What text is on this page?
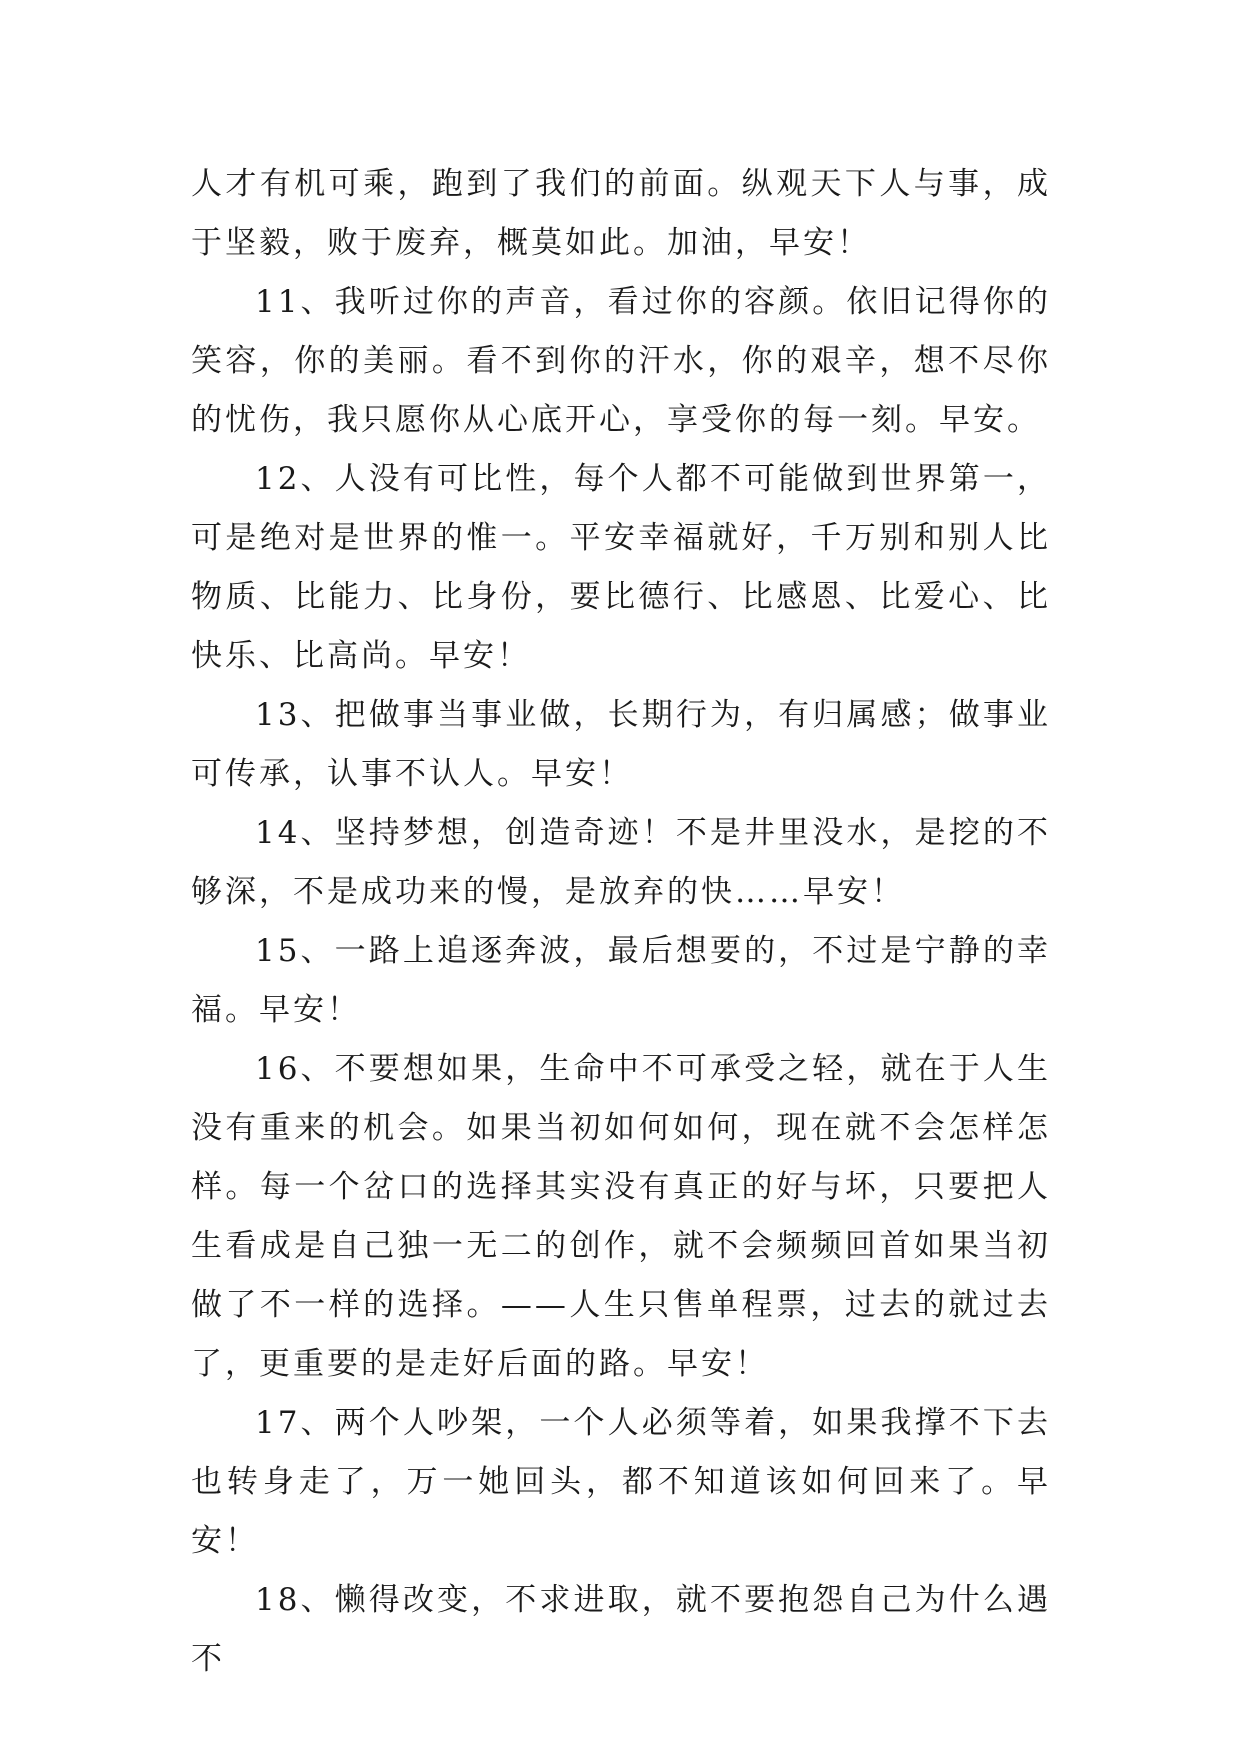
人才有机可乘，跑到了我们的前面。纵观天下人与事，成于坚毅，败于废弃，概莫如此。加油，早安！

11、我听过你的声音，看过你的容颜。依旧记得你的笑容，你的美丽。看不到你的汗水，你的艰辛，想不尽你的忧伤，我只愿你从心底开心，享受你的每一刻。早安。

12、人没有可比性，每个人都不可能做到世界第一，可是绝对是世界的惟一。平安幸福就好，千万别和别人比物质、比能力、比身份，要比德行、比感恩、比爱心、比快乐、比高尚。早安！

13、把做事当事业做，长期行为，有归属感；做事业可传承，认事不认人。早安！

14、坚持梦想，创造奇迹！不是井里没水，是挖的不够深，不是成功来的慢，是放弃的快……早安！

15、一路上追逐奔波，最后想要的，不过是宁静的幸福。早安！

16、不要想如果，生命中不可承受之轻，就在于人生没有重来的机会。如果当初如何如何，现在就不会怎样怎样。每一个岔口的选择其实没有真正的好与坏，只要把人生看成是自己独一无二的创作，就不会频频回首如果当初做了不一样的选择。——人生只售单程票，过去的就过去了，更重要的是走好后面的路。早安！

17、两个人吵架，一个人必须等着，如果我撑不下去也转身走了，万一她回头，都不知道该如何回来了。早安！

18、懒得改变，不求进取，就不要抱怨自己为什么遇不
